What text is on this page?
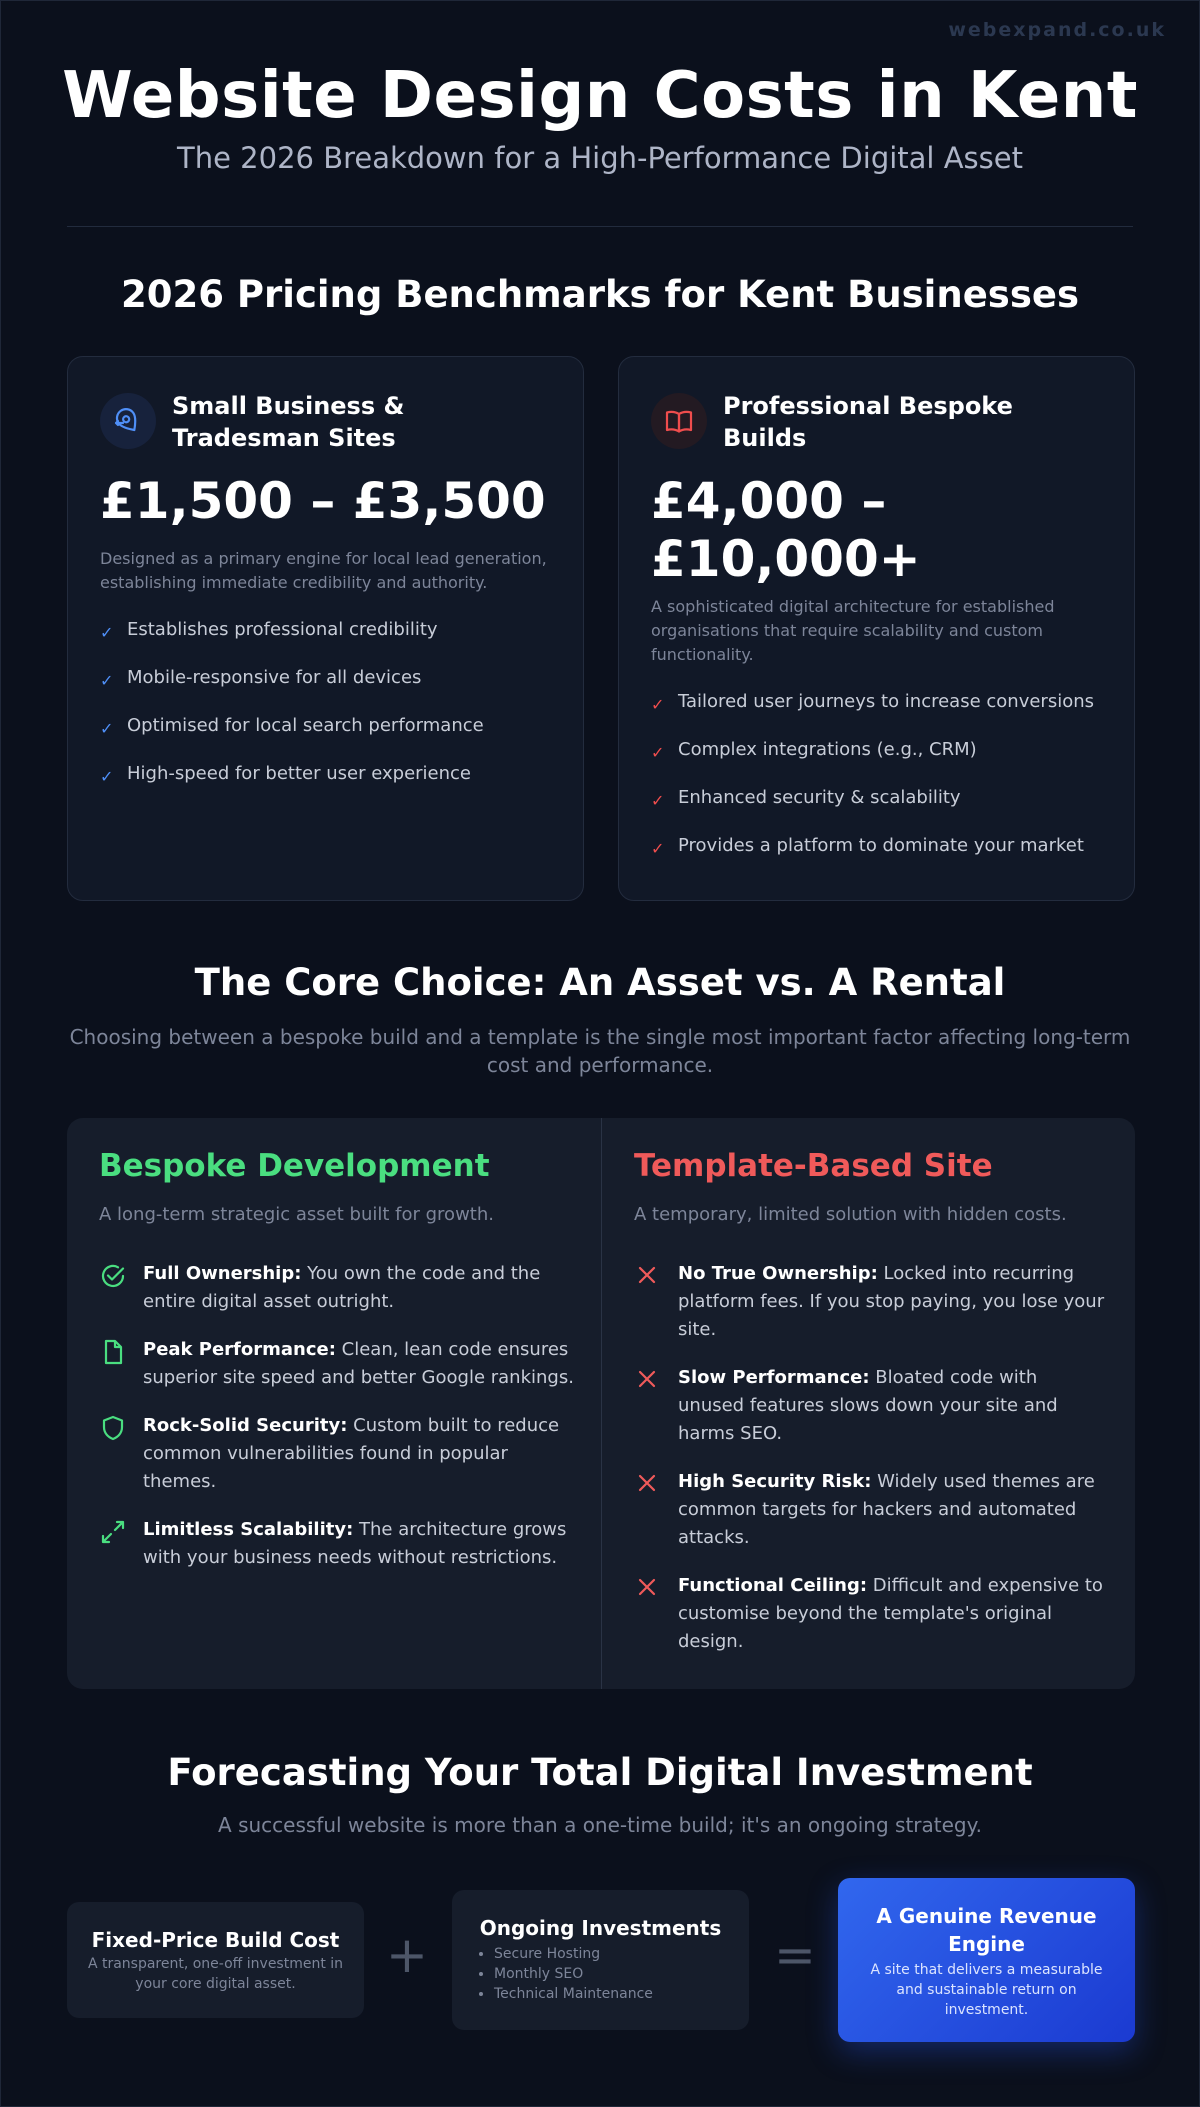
webexpand.co.uk
Website Design Costs in Kent
The 2026 Breakdown for a High-Performance Digital Asset
2026 Pricing Benchmarks for Kent Businesses
Small Business &
Tradesman Sites
£1,500 – £3,500
Designed as a primary engine for local lead generation, establishing immediate credibility and authority.
✓ Establishes professional credibility
✓ Mobile-responsive for all devices
✓ Optimised for local search performance
✓ High-speed for better user experience
Professional Bespoke
Builds
£4,000 –
£10,000+
A sophisticated digital architecture for established organisations that require scalability and custom functionality.
✓ Tailored user journeys to increase conversions
✓ Complex integrations (e.g., CRM)
✓ Enhanced security & scalability
✓ Provides a platform to dominate your market
The Core Choice: An Asset vs. A Rental
Choosing between a bespoke build and a template is the single most important factor affecting long-term cost and performance.
Bespoke Development
A long-term strategic asset built for growth.
Full Ownership: You own the code and the entire digital asset outright.
Peak Performance: Clean, lean code ensures superior site speed and better Google rankings.
Rock-Solid Security: Custom built to reduce common vulnerabilities found in popular themes.
Limitless Scalability: The architecture grows with your business needs without restrictions.
Template-Based Site
A temporary, limited solution with hidden costs.
No True Ownership: Locked into recurring platform fees. If you stop paying, you lose your site.
Slow Performance: Bloated code with unused features slows down your site and harms SEO.
High Security Risk: Widely used themes are common targets for hackers and automated attacks.
Functional Ceiling: Difficult and expensive to customise beyond the template's original design.
Forecasting Your Total Digital Investment
A successful website is more than a one-time build; it's an ongoing strategy.
Fixed-Price Build Cost
A transparent, one-off investment in your core digital asset.	+	Ongoing Investments
• Secure Hosting
• Monthly SEO
• Technical Maintenance
=
A Genuine Revenue Engine
A site that delivers a measurable and sustainable return on investment.
